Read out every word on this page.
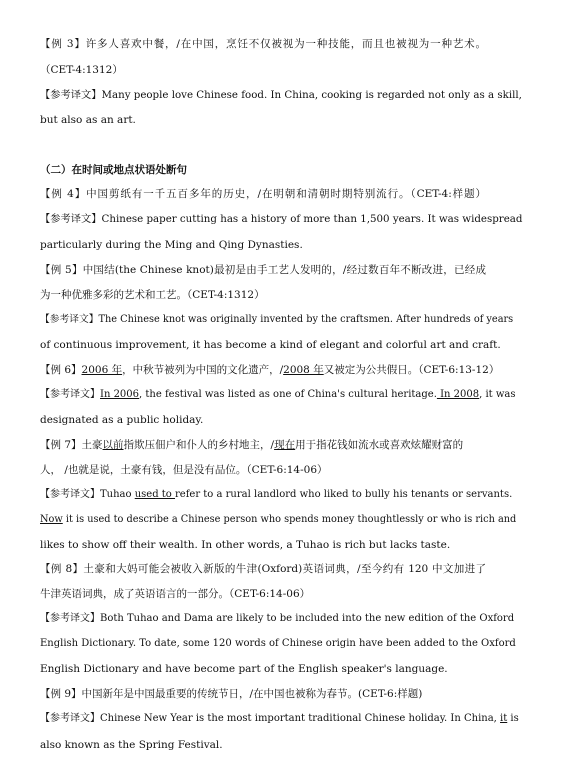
【例 3】许多人喜欢中餐，/在中国，烹饪不仅被视为一种技能，而且也被视为一种艺术。
（CET-4:1312）
【参考译文】Many people love Chinese food. In China, cooking is regarded not only as a skill,
but also as an art.
（二）在时间或地点状语处断句
【例 4】中国剪纸有一千五百多年的历史，/在明朝和清朝时期特别流行。（CET-4:样题）
【参考译文】Chinese paper cutting has a history of more than 1,500 years. It was widespread
particularly during the Ming and Qing Dynasties.
【例 5】中国结(the Chinese knot)最初是由手工艺人发明的，/经过数百年不断改进，已经成
为一种优雅多彩的艺术和工艺。（CET-4:1312）
【参考译文】The Chinese knot was originally invented by the craftsmen. After hundreds of years
of continuous improvement, it has become a kind of elegant and colorful art and craft.
【例 6】2006 年，中秋节被列为中国的文化遗产，/2008 年又被定为公共假日。（CET-6:13-12）
【参考译文】In 2006, the festival was listed as one of China's cultural heritage. In 2008, it was
designated as a public holiday.
【例 7】土豪以前指欺压佃户和仆人的乡村地主，/现在用于指花钱如流水或喜欢炫耀财富的
人， /也就是说，土豪有钱，但是没有品位。（CET-6:14-06）
【参考译文】Tuhao used to refer to a rural landlord who liked to bully his tenants or servants.
Now it is used to describe a Chinese person who spends money thoughtlessly or who is rich and
likes to show off their wealth. In other words, a Tuhao is rich but lacks taste.
【例 8】土豪和大妈可能会被收入新版的牛津(Oxford)英语词典，/至今约有 120 中文加进了
牛津英语词典，成了英语语言的一部分。（CET-6:14-06）
【参考译文】Both Tuhao and Dama are likely to be included into the new edition of the Oxford
English Dictionary. To date, some 120 words of Chinese origin have been added to the Oxford
English Dictionary and have become part of the English speaker's language.
【例 9】中国新年是中国最重要的传统节日，/在中国也被称为春节。(CET-6:样题)
【参考译文】Chinese New Year is the most important traditional Chinese holiday. In China, it is
also known as the Spring Festival.
